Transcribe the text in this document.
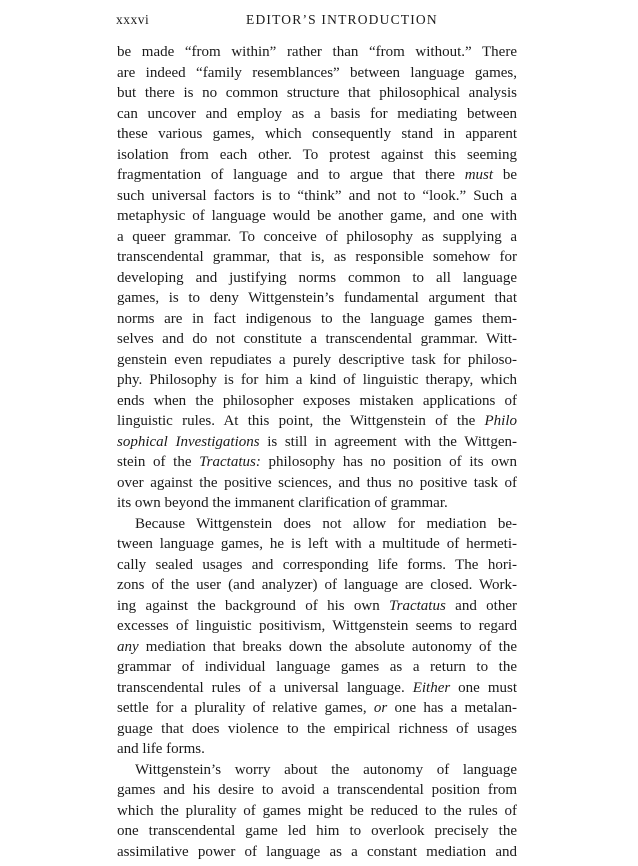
xxxvi	EDITOR’S INTRODUCTION
be made “from within” rather than “from without.” There
are indeed “family resemblances” between language games,
but there is no common structure that philosophical analysis
can uncover and employ as a basis for mediating between
these various games, which consequently stand in apparent
isolation from each other. To protest against this seeming
fragmentation of language and to argue that there must be
such universal factors is to “think” and not to “look.” Such a
metaphysic of language would be another game, and one with
a queer grammar. To conceive of philosophy as supplying a
transcendental grammar, that is, as responsible somehow for
developing and justifying norms common to all language
games, is to deny Wittgenstein’s fundamental argument that
norms are in fact indigenous to the language games them-
selves and do not constitute a transcendental grammar. Witt-
genstein even repudiates a purely descriptive task for philoso-
phy. Philosophy is for him a kind of linguistic therapy, which
ends when the philosopher exposes mistaken applications of
linguistic rules. At this point, the Wittgenstein of the Philo
sophical Investigations is still in agreement with the Wittgen-
stein of the Tractatus: philosophy has no position of its own
over against the positive sciences, and thus no positive task of
its own beyond the immanent clarification of grammar.
Because Wittgenstein does not allow for mediation be-
tween language games, he is left with a multitude of hermeti-
cally sealed usages and corresponding life forms. The hori-
zons of the user (and analyzer) of language are closed. Work-
ing against the background of his own Tractatus and other
excesses of linguistic positivism, Wittgenstein seems to regard
any mediation that breaks down the absolute autonomy of the
grammar of individual language games as a return to the
transcendental rules of a universal language. Either one must
settle for a plurality of relative games, or one has a metalan-
guage that does violence to the empirical richness of usages
and life forms.
Wittgenstein’s worry about the autonomy of language
games and his desire to avoid a transcendental position from
which the plurality of games might be reduced to the rules of
one transcendental game led him to overlook precisely the
assimilative power of language as a constant mediation and
